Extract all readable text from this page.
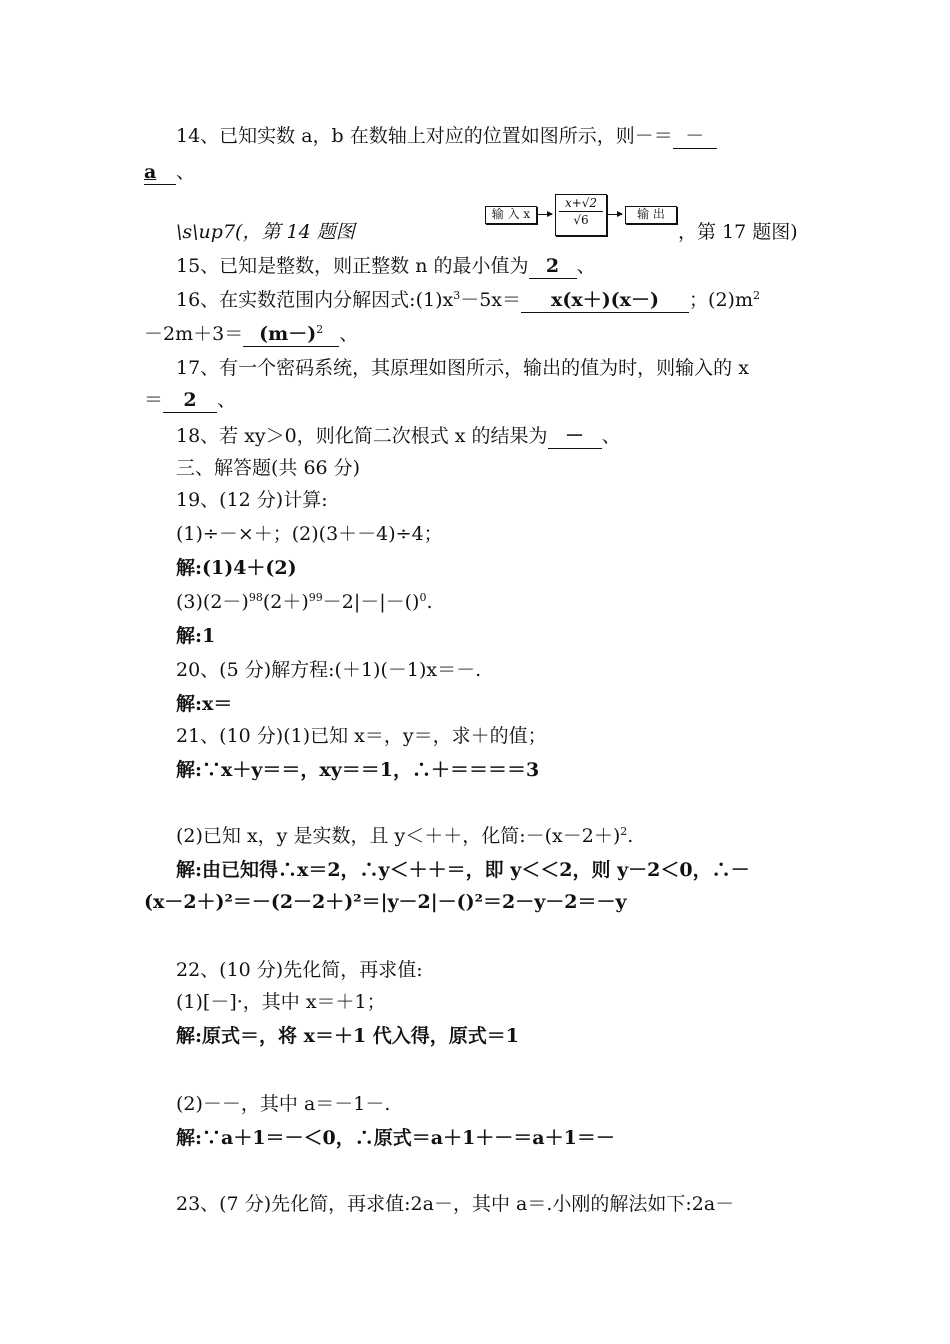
14、已知实数 a，b 在数轴上对应的位置如图所示，则－＝ －
a 、
\s\up7(，第 14 题图	，第 17 题图)
输 入 x
x+√2
√6	输 出
15、已知是整数，则正整数 n 的最小值为 2 、
16、在实数范围内分解因式$:(1)x^3-5x= x(x+)(x-)$ ；$(2)m^2$
$-2m+3= (m-)^2$ 、
17、有一个密码系统，其原理如图所示，输出的值为时，则输入的 x
＝ 2 、
18、若 xy＞0，则化简二次根式 x 的结果为 － 、
三、解答题(共 66 分)
19、(12 分)计算:
(1)÷－×＋；(2)(3＋－4)÷4；
解:(1)4＋(2)
$(3)(2-)^{98}(2+)^{99}-2|-|-()^0$.
解:1
20、(5 分)解方程:(＋1)(－1)x＝－.
解:x＝
21、(10 分)(1)已知 x＝，y＝，求＋的值；
解:∵x＋y＝＝，xy＝＝1，∴＋＝＝＝＝3
(2)已知 x，y 是实数，且 y＜＋＋，化简$:-(x-2+)^2$.
解:由已知得∴x＝2，∴y＜＋＋＝，即 y＜＜2，则 y－2＜0，∴－
(x－2＋)²＝－(2－2＋)²＝|y－2|－()²＝2－y－2＝－y
22、(10 分)先化简，再求值:
(1)[－]·，其中 x＝＋1；
解:原式＝，将 x＝＋1 代入得，原式＝1
(2)－－，其中 a＝－1－.
解:∵a＋1＝－＜0，∴原式＝a＋1＋－＝a＋1＝－
23、(7 分)先化简，再求值:2a－，其中 a＝.小刚的解法如下:2a－
